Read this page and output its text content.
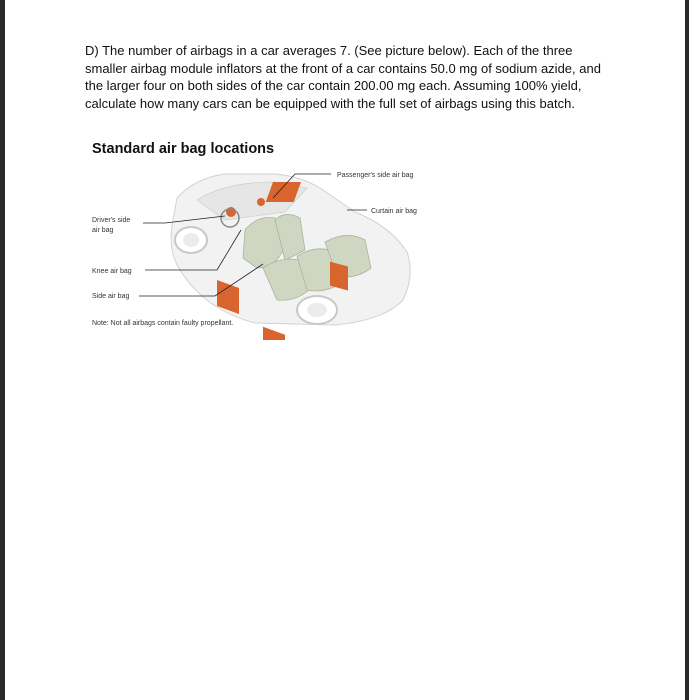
D) The number of airbags in a car averages 7. (See picture below). Each of the three smaller airbag module inflators at the front of a car contains 50.0 mg of sodium azide, and the larger four on both sides of the car contain 200.00 mg each. Assuming 100% yield, calculate how many cars can be equipped with the full set of airbags using this batch.

Standard air bag locations
Passenger's side air bag
Curtain air bag
Driver's side
air bag
Knee air bag
Side air bag
Note: Not all airbags contain faulty propellant.
